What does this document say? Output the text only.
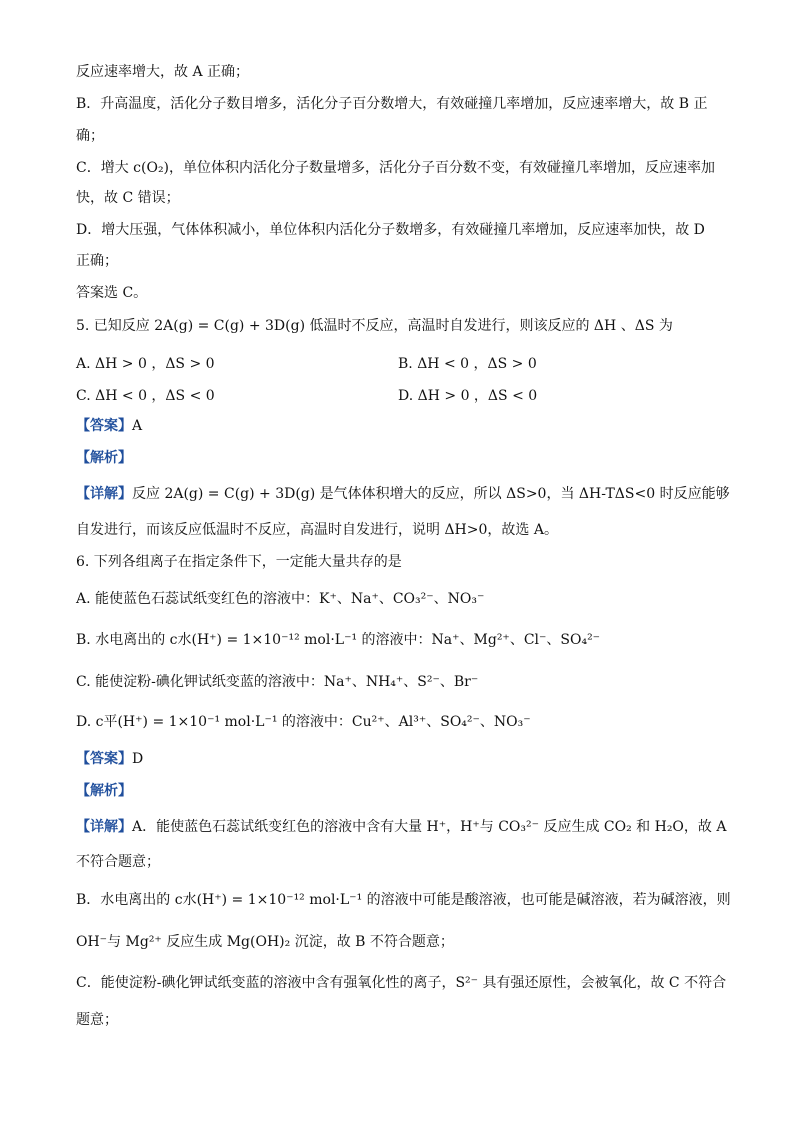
反应速率增大，故 A 正确；
B．升高温度，活化分子数目增多，活化分子百分数增大，有效碰撞几率增加，反应速率增大，故 B 正
确；
C．增大 c(O₂)，单位体积内活化分子数量增多，活化分子百分数不变，有效碰撞几率增加，反应速率加
快，故 C 错误；
D．增大压强，气体体积减小，单位体积内活化分子数增多，有效碰撞几率增加，反应速率加快，故 D
正确；
答案选 C。
5. 已知反应 2A(g) = C(g) + 3D(g) 低温时不反应，高温时自发进行，则该反应的 ΔH 、ΔS 为
A. ΔH > 0 ，ΔS > 0	B. ΔH < 0 ，ΔS > 0
C. ΔH < 0 ，ΔS < 0	D. ΔH > 0 ，ΔS < 0
【答案】A
【解析】
【详解】反应 2A(g) = C(g) + 3D(g) 是气体体积增大的反应，所以 ΔS>0，当 ΔH-TΔS<0 时反应能够
自发进行，而该反应低温时不反应，高温时自发进行，说明 ΔH>0，故选 A。
6. 下列各组离子在指定条件下，一定能大量共存的是
A. 能使蓝色石蕊试纸变红色的溶液中：K⁺、Na⁺、CO₃²⁻、NO₃⁻
B. 水电离出的 c水(H⁺) = 1×10⁻¹² mol·L⁻¹ 的溶液中：Na⁺、Mg²⁺、Cl⁻、SO₄²⁻
C. 能使淀粉-碘化钾试纸变蓝的溶液中：Na⁺、NH₄⁺、S²⁻、Br⁻
D. c平(H⁺) = 1×10⁻¹ mol·L⁻¹ 的溶液中：Cu²⁺、Al³⁺、SO₄²⁻、NO₃⁻
【答案】D
【解析】
【详解】A．能使蓝色石蕊试纸变红色的溶液中含有大量 H⁺，H⁺与 CO₃²⁻ 反应生成 CO₂ 和 H₂O，故 A
不符合题意；
B．水电离出的 c水(H⁺) = 1×10⁻¹² mol·L⁻¹ 的溶液中可能是酸溶液，也可能是碱溶液，若为碱溶液，则
OH⁻与 Mg²⁺ 反应生成 Mg(OH)₂ 沉淀，故 B 不符合题意；
C．能使淀粉-碘化钾试纸变蓝的溶液中含有强氧化性的离子，S²⁻ 具有强还原性，会被氧化，故 C 不符合
题意；
